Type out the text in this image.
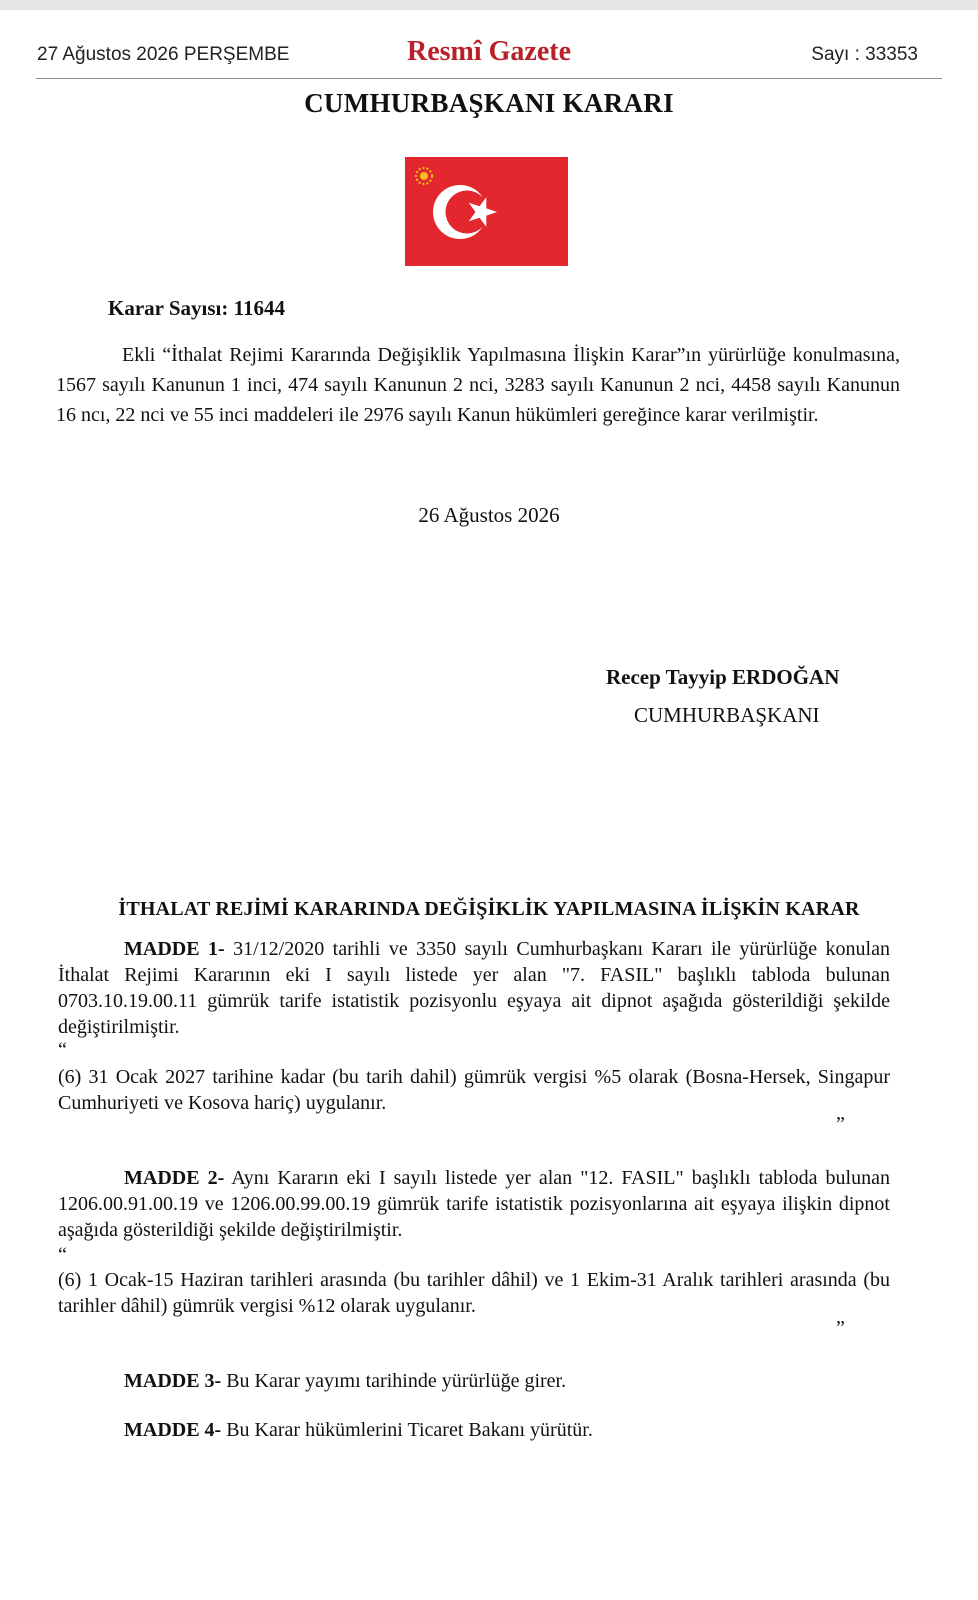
27 Ağustos 2026 PERŞEMBE	Resmî Gazete	Sayı : 33353
CUMHURBAŞKANI KARARI
Karar Sayısı: 11644
Ekli “İthalat Rejimi Kararında Değişiklik Yapılmasına İlişkin Karar”ın yürürlüğe konulmasına, 1567 sayılı Kanunun 1 inci, 474 sayılı Kanunun 2 nci, 3283 sayılı Kanunun 2 nci, 4458 sayılı Kanunun 16 ncı, 22 nci ve 55 inci maddeleri ile 2976 sayılı Kanun hükümleri gereğince karar verilmiştir.
26 Ağustos 2026
Recep Tayyip ERDOĞAN
CUMHURBAŞKANI
İTHALAT REJİMİ KARARINDA DEĞİŞİKLİK YAPILMASINA İLİŞKİN KARAR
MADDE 1- 31/12/2020 tarihli ve 3350 sayılı Cumhurbaşkanı Kararı ile yürürlüğe konulan İthalat Rejimi Kararının eki I sayılı listede yer alan "7. FASIL" başlıklı tabloda bulunan 0703.10.19.00.11 gümrük tarife istatistik pozisyonlu eşyaya ait dipnot aşağıda gösterildiği şekilde değiştirilmiştir.
“
(6) 31 Ocak 2027 tarihine kadar (bu tarih dahil) gümrük vergisi %5 olarak (Bosna-Hersek, Singapur Cumhuriyeti ve Kosova hariç) uygulanır.
”
MADDE 2- Aynı Kararın eki I sayılı listede yer alan "12. FASIL" başlıklı tabloda bulunan 1206.00.91.00.19 ve 1206.00.99.00.19 gümrük tarife istatistik pozisyonlarına ait eşyaya ilişkin dipnot aşağıda gösterildiği şekilde değiştirilmiştir.
“
(6) 1 Ocak-15 Haziran tarihleri arasında (bu tarihler dâhil) ve 1 Ekim-31 Aralık tarihleri arasında (bu tarihler dâhil) gümrük vergisi %12 olarak uygulanır.
”
MADDE 3- Bu Karar yayımı tarihinde yürürlüğe girer.
MADDE 4- Bu Karar hükümlerini Ticaret Bakanı yürütür.
